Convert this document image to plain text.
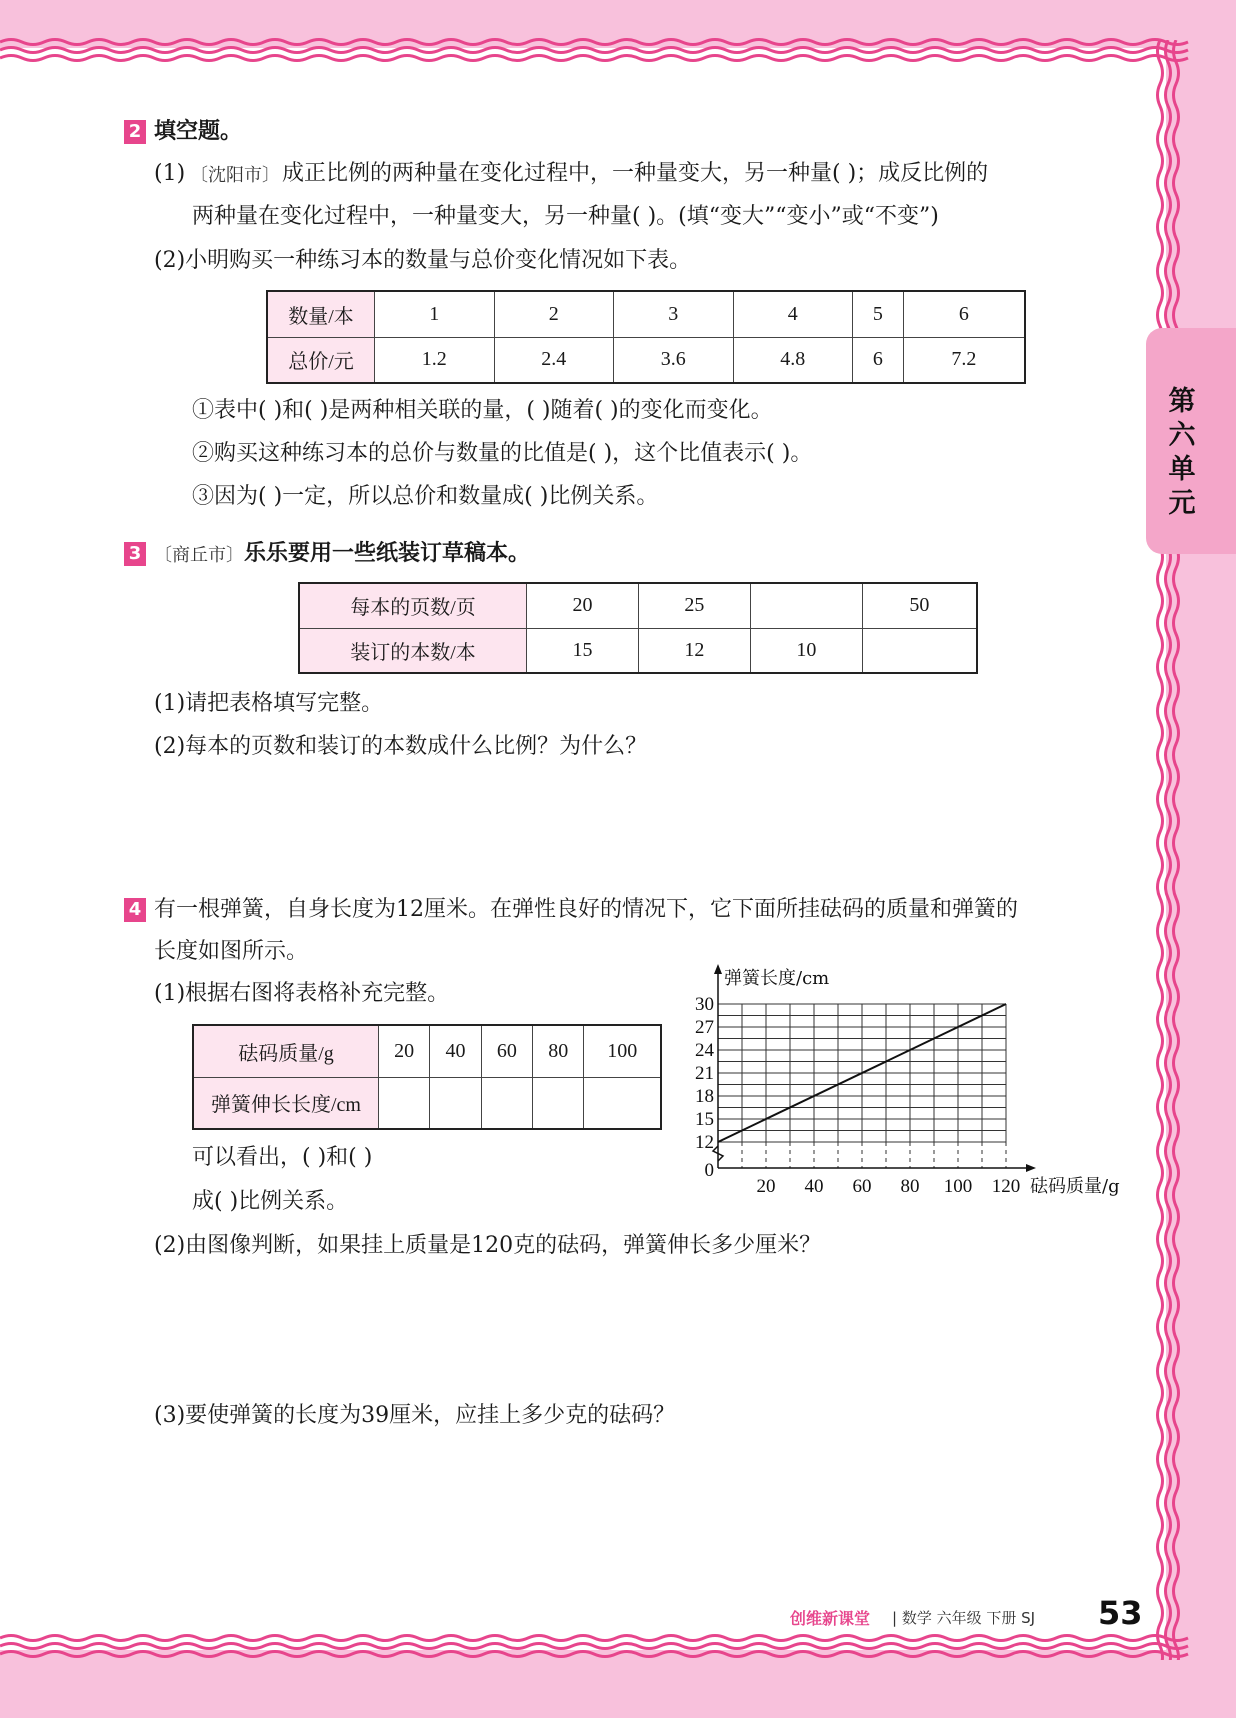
第六单元
2 填空题。
(1) 〔沈阳市〕 成正比例的两种量在变化过程中，一种量变大，另一种量( )；成反比例的
两种量在变化过程中，一种量变大，另一种量( )。(填“变大”“变小”或“不变”)
(2)小明购买一种练习本的数量与总价变化情况如下表。
数量/本	1	2	3	4	5	6
总价/元	1.2	2.4	3.6	4.8	6	7.2
①表中( )和( )是两种相关联的量，( )随着( )的变化而变化。
②购买这种练习本的总价与数量的比值是( )，这个比值表示( )。
③因为( )一定，所以总价和数量成( )比例关系。
3 〔商丘市〕 乐乐要用一些纸装订草稿本。
每本的页数/页	20	25		50
装订的本数/本	15	12	10	
(1)请把表格填写完整。
(2)每本的页数和装订的本数成什么比例？为什么？
4 有一根弹簧，自身长度为12厘米。在弹性良好的情况下，它下面所挂砝码的质量和弹簧的
长度如图所示。
(1)根据右图将表格补充完整。
砝码质量/g	20	40	60	80	100
弹簧伸长长度/cm					
可以看出，( )和( )
成( )比例关系。
20 40 60 80 100 120
12
15
18
21
24
27
30
0
弹簧长度/cm
砝码质量/g
(2)由图像判断，如果挂上质量是120克的砝码，弹簧伸长多少厘米？
(3)要使弹簧的长度为39厘米，应挂上多少克的砝码？
创维新课堂 | 数学 六年级 下册 SJ 53
